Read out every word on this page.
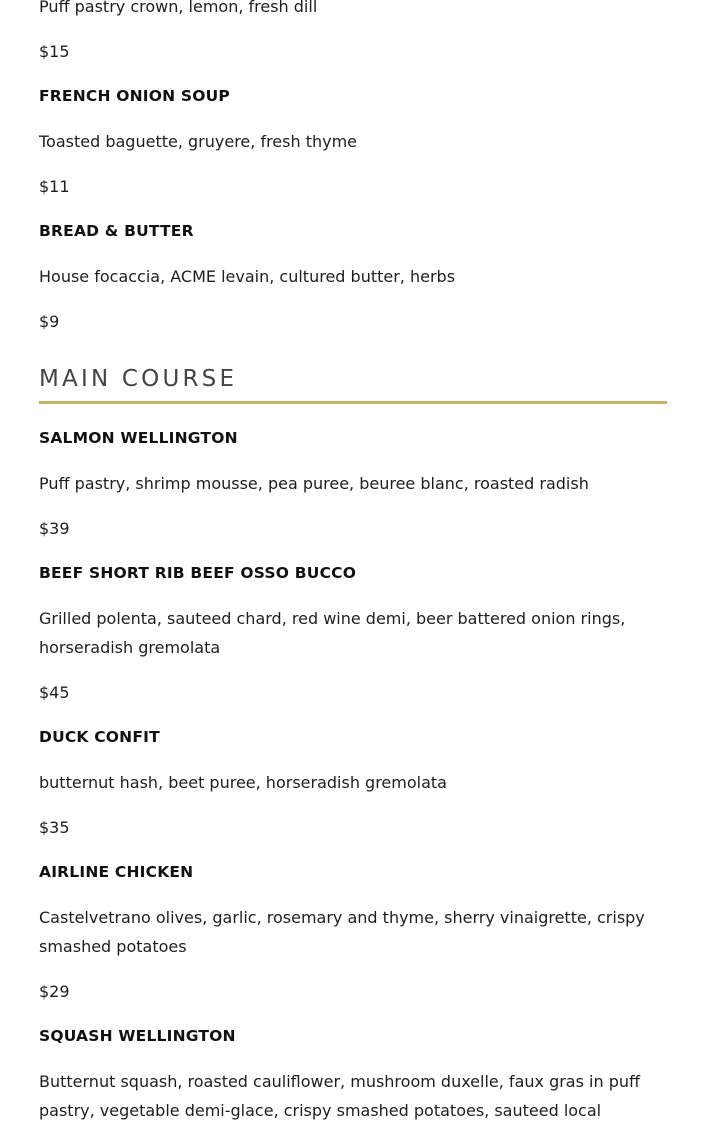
Puff pastry crown, lemon, fresh dill
$15
FRENCH ONION SOUP
Toasted baguette, gruyere, fresh thyme
$11
BREAD & BUTTER
House focaccia, ACME levain, cultured butter, herbs
$9
MAIN COURSE
SALMON WELLINGTON
Puff pastry, shrimp mousse, pea puree, beuree blanc, roasted radish
$39
BEEF SHORT RIB BEEF OSSO BUCCO
Grilled polenta, sauteed chard, red wine demi, beer battered onion rings, horseradish gremolata
$45
DUCK CONFIT
butternut hash, beet puree, horseradish gremolata
$35
AIRLINE CHICKEN
Castelvetrano olives, garlic, rosemary and thyme, sherry vinaigrette, crispy smashed potatoes
$29
SQUASH WELLINGTON
Butternut squash, roasted cauliflower, mushroom duxelle, faux gras in puff pastry, vegetable demi-glace, crispy smashed potatoes, sauteed local
